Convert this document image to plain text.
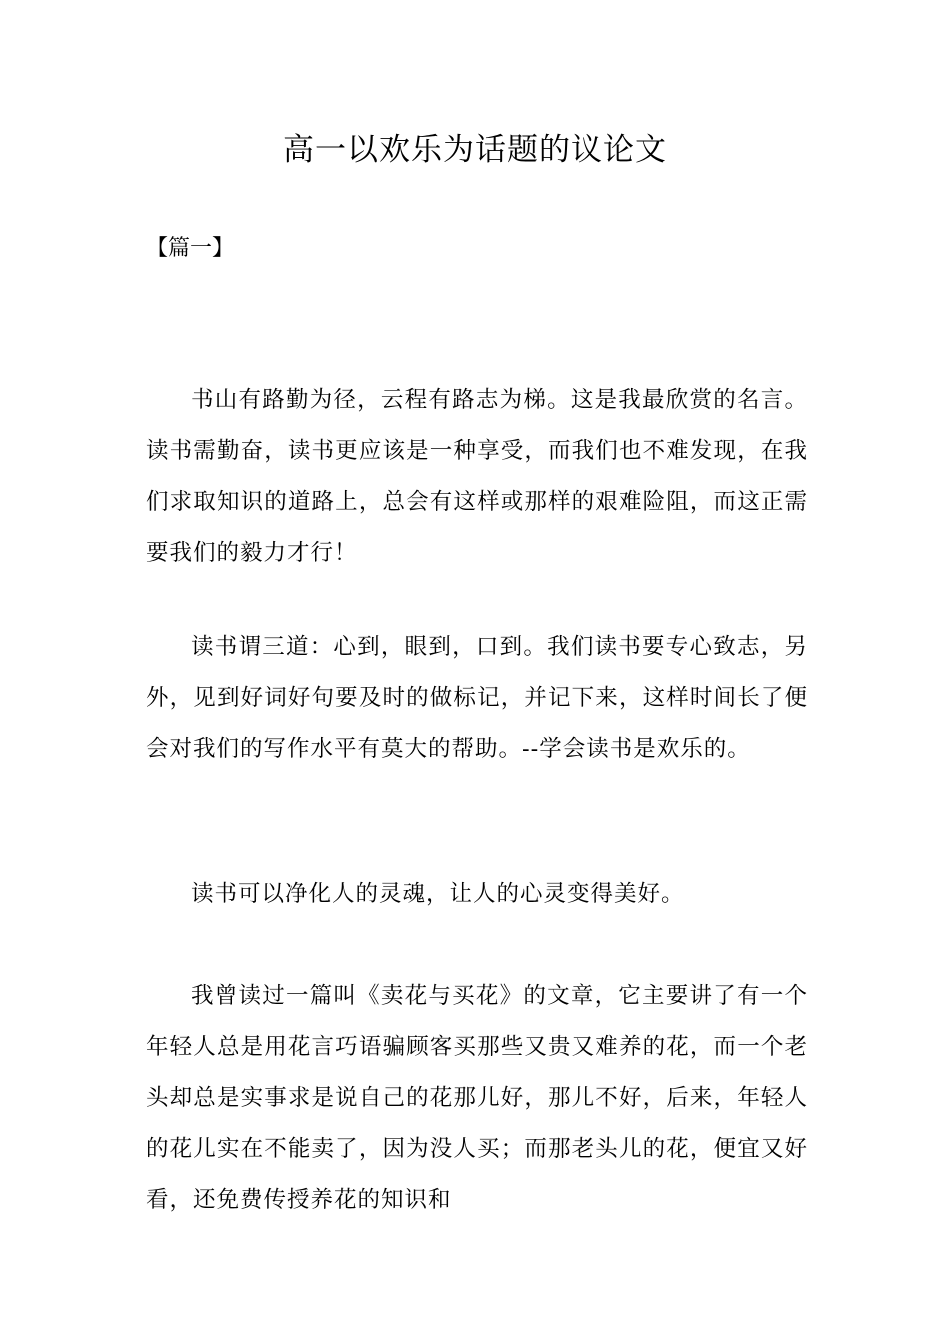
高一以欢乐为话题的议论文
【篇一】

书山有路勤为径，云程有路志为梯。这是我最欣赏的名言。读书需勤奋，读书更应该是一种享受，而我们也不难发现，在我们求取知识的道路上，总会有这样或那样的艰难险阻，而这正需要我们的毅力才行！

读书谓三道：心到，眼到，口到。我们读书要专心致志，另外，见到好词好句要及时的做标记，并记下来，这样时间长了便会对我们的写作水平有莫大的帮助。--学会读书是欢乐的。

读书可以净化人的灵魂，让人的心灵变得美好。

我曾读过一篇叫《卖花与买花》的文章，它主要讲了有一个年轻人总是用花言巧语骗顾客买那些又贵又难养的花，而一个老头却总是实事求是说自己的花那儿好，那儿不好，后来，年轻人的花儿实在不能卖了，因为没人买；而那老头儿的花，便宜又好看，还免费传授养花的知识和
